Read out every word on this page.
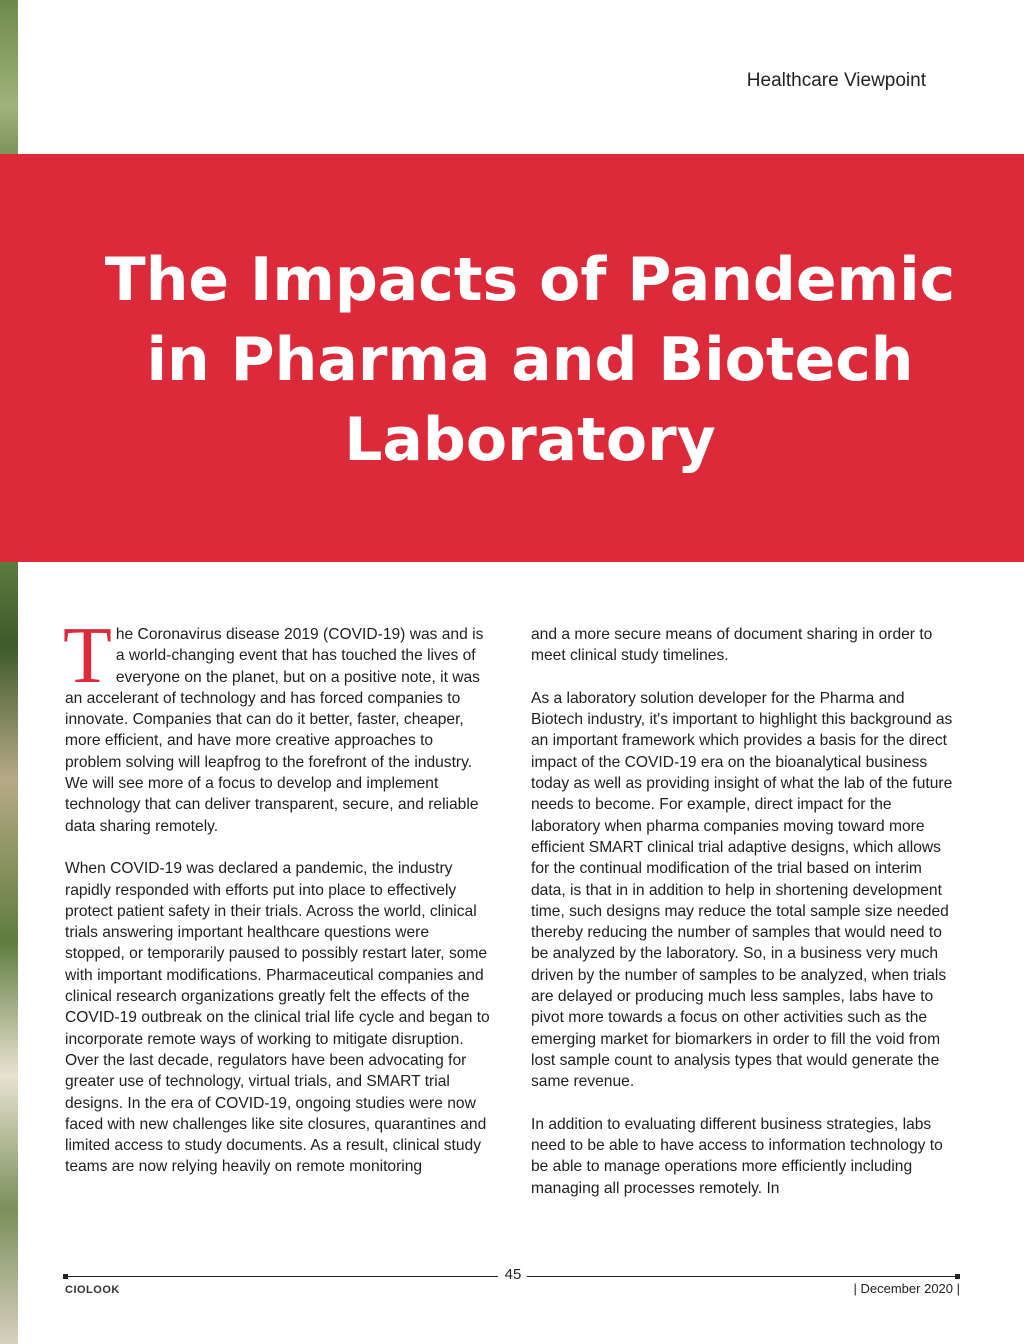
Healthcare Viewpoint
The Impacts of Pandemic
in Pharma and Biotech
Laboratory

The Coronavirus disease 2019 (COVID-19) was and is a world-changing event that has touched the lives of everyone on the planet, but on a positive note, it was an accelerant of technology and has forced companies to innovate. Companies that can do it better, faster, cheaper, more efficient, and have more creative approaches to problem solving will leapfrog to the forefront of the industry. We will see more of a focus to develop and implement technology that can deliver transparent, secure, and reliable data sharing remotely.

When COVID-19 was declared a pandemic, the industry rapidly responded with efforts put into place to effectively protect patient safety in their trials. Across the world, clinical trials answering important healthcare questions were stopped, or temporarily paused to possibly restart later, some with important modifications. Pharmaceutical companies and clinical research organizations greatly felt the effects of the COVID-19 outbreak on the clinical trial life cycle and began to incorporate remote ways of working to mitigate disruption. Over the last decade, regulators have been advocating for greater use of technology, virtual trials, and SMART trial designs. In the era of COVID-19, ongoing studies were now faced with new challenges like site closures, quarantines and limited access to study documents. As a result, clinical study teams are now relying heavily on remote monitoring

and a more secure means of document sharing in order to meet clinical study timelines.

As a laboratory solution developer for the Pharma and Biotech industry, it's important to highlight this background as an important framework which provides a basis for the direct impact of the COVID-19 era on the bioanalytical business today as well as providing insight of what the lab of the future needs to become. For example, direct impact for the laboratory when pharma companies moving toward more efficient SMART clinical trial adaptive designs, which allows for the continual modification of the trial based on interim data, is that in in addition to help in shortening development time, such designs may reduce the total sample size needed thereby reducing the number of samples that would need to be analyzed by the laboratory. So, in a business very much driven by the number of samples to be analyzed, when trials are delayed or producing much less samples, labs have to pivot more towards a focus on other activities such as the emerging market for biomarkers in order to fill the void from lost sample count to analysis types that would generate the same revenue.

In addition to evaluating different business strategies, labs need to be able to have access to information technology to be able to manage operations more efficiently including managing all processes remotely. In

45
CIOLOOK	| December 2020 |
